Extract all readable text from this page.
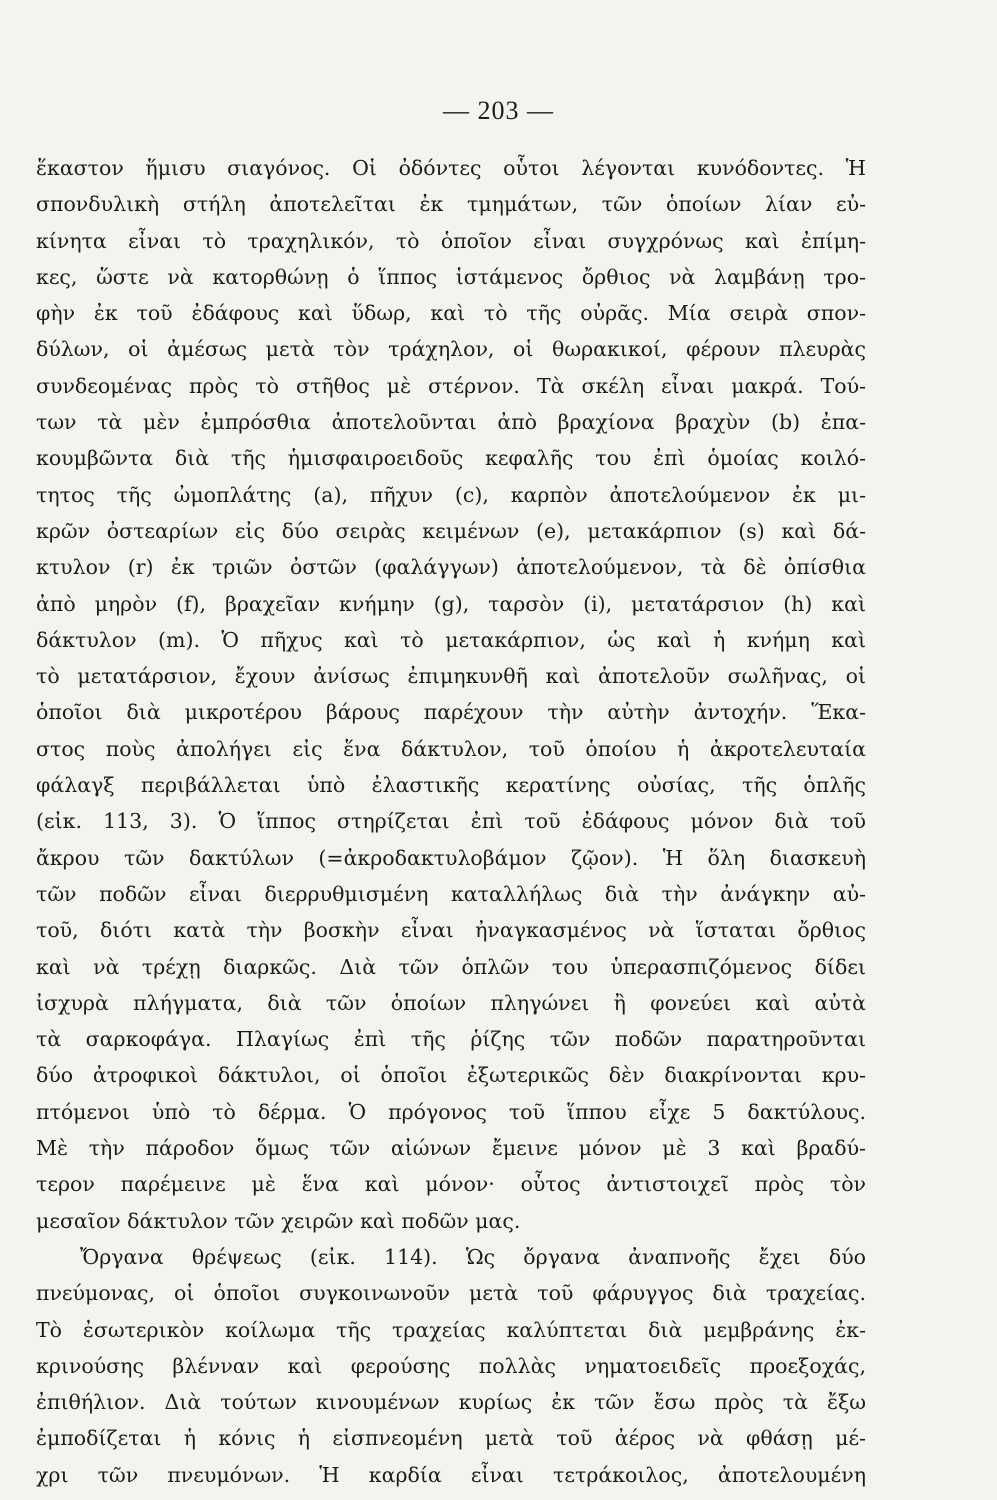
— 203 —
ἕκαστον ἥμισυ σιαγόνος. Οἱ ὀδόντες οὗτοι λέγονται κυνόδοντες. Ἡ
σπονδυλικὴ στήλη ἀποτελεῖται ἐκ τμημάτων, τῶν ὁποίων λίαν εὐ-
κίνητα εἶναι τὸ τραχηλικόν, τὸ ὁποῖον εἶναι συγχρόνως καὶ ἐπίμη-
κες, ὥστε νὰ κατορθώνῃ ὁ ἵππος ἱστάμενος ὄρθιος νὰ λαμβάνῃ τρο-
φὴν ἐκ τοῦ ἐδάφους καὶ ὕδωρ, καὶ τὸ τῆς οὐρᾶς. Μία σειρὰ σπον-
δύλων, οἱ ἀμέσως μετὰ τὸν τράχηλον, οἱ θωρακικοί, φέρουν πλευρὰς
συνδεομένας πρὸς τὸ στῆθος μὲ στέρνον. Τὰ σκέλη εἶναι μακρά. Τού-
των τὰ μὲν ἐμπρόσθια ἀποτελοῦνται ἀπὸ βραχίονα βραχὺν (b) ἐπα-
κουμβῶντα διὰ τῆς ἡμισφαιροειδοῦς κεφαλῆς του ἐπὶ ὁμοίας κοιλό-
τητος τῆς ὠμοπλάτης (a), πῆχυν (c), καρπὸν ἀποτελούμενον ἐκ μι-
κρῶν ὀστεαρίων εἰς δύο σειρὰς κειμένων (e), μετακάρπιον (s) καὶ δά-
κτυλον (r) ἐκ τριῶν ὀστῶν (φαλάγγων) ἀποτελούμενον, τὰ δὲ ὀπίσθια
ἀπὸ μηρὸν (f), βραχεῖαν κνήμην (g), ταρσὸν (i), μετατάρσιον (h) καὶ
δάκτυλον (m). Ὁ πῆχυς καὶ τὸ μετακάρπιον, ὡς καὶ ἡ κνήμη καὶ
τὸ μετατάρσιον, ἔχουν ἀνίσως ἐπιμηκυνθῆ καὶ ἀποτελοῦν σωλῆνας, οἱ
ὁποῖοι διὰ μικροτέρου βάρους παρέχουν τὴν αὐτὴν ἀντοχήν. Ἕκα-
στος ποὺς ἀπολήγει εἰς ἕνα δάκτυλον, τοῦ ὁποίου ἡ ἀκροτελευταία
φάλαγξ περιβάλλεται ὑπὸ ἐλαστικῆς κερατίνης οὐσίας, τῆς ὁπλῆς
(εἰκ. 113, 3). Ὁ ἵππος στηρίζεται ἐπὶ τοῦ ἐδάφους μόνον διὰ τοῦ
ἄκρου τῶν δακτύλων (=ἀκροδακτυλοβάμον ζῷον). Ἡ ὅλη διασκευὴ
τῶν ποδῶν εἶναι διερρυθμισμένη καταλλήλως διὰ τὴν ἀνάγκην αὐ-
τοῦ, διότι κατὰ τὴν βοσκὴν εἶναι ἠναγκασμένος νὰ ἵσταται ὄρθιος
καὶ νὰ τρέχῃ διαρκῶς. Διὰ τῶν ὁπλῶν του ὑπερασπιζόμενος δίδει
ἰσχυρὰ πλήγματα, διὰ τῶν ὁποίων πληγώνει ἢ φονεύει καὶ αὐτὰ
τὰ σαρκοφάγα. Πλαγίως ἐπὶ τῆς ῥίζης τῶν ποδῶν παρατηροῦνται
δύο ἀτροφικοὶ δάκτυλοι, οἱ ὁποῖοι ἐξωτερικῶς δὲν διακρίνονται κρυ-
πτόμενοι ὑπὸ τὸ δέρμα. Ὁ πρόγονος τοῦ ἵππου εἶχε 5 δακτύλους.
Μὲ τὴν πάροδον ὅμως τῶν αἰώνων ἔμεινε μόνον μὲ 3 καὶ βραδύ-
τερον παρέμεινε μὲ ἕνα καὶ μόνον· οὗτος ἀντιστοιχεῖ πρὸς τὸν
μεσαῖον δάκτυλον τῶν χειρῶν καὶ ποδῶν μας.
Ὄργανα θρέψεως (εἰκ. 114). Ὡς ὄργανα ἀναπνοῆς ἔχει δύο
πνεύμονας, οἱ ὁποῖοι συγκοινωνοῦν μετὰ τοῦ φάρυγγος διὰ τραχείας.
Τὸ ἐσωτερικὸν κοίλωμα τῆς τραχείας καλύπτεται διὰ μεμβράνης ἐκ-
κρινούσης βλένναν καὶ φερούσης πολλὰς νηματοειδεῖς προεξοχάς,
ἐπιθήλιον. Διὰ τούτων κινουμένων κυρίως ἐκ τῶν ἔσω πρὸς τὰ ἔξω
ἐμποδίζεται ἡ κόνις ἡ εἰσπνεομένη μετὰ τοῦ ἀέρος νὰ φθάσῃ μέ-
χρι τῶν πνευμόνων. Ἡ καρδία εἶναι τετράκοιλος, ἀποτελουμένη
